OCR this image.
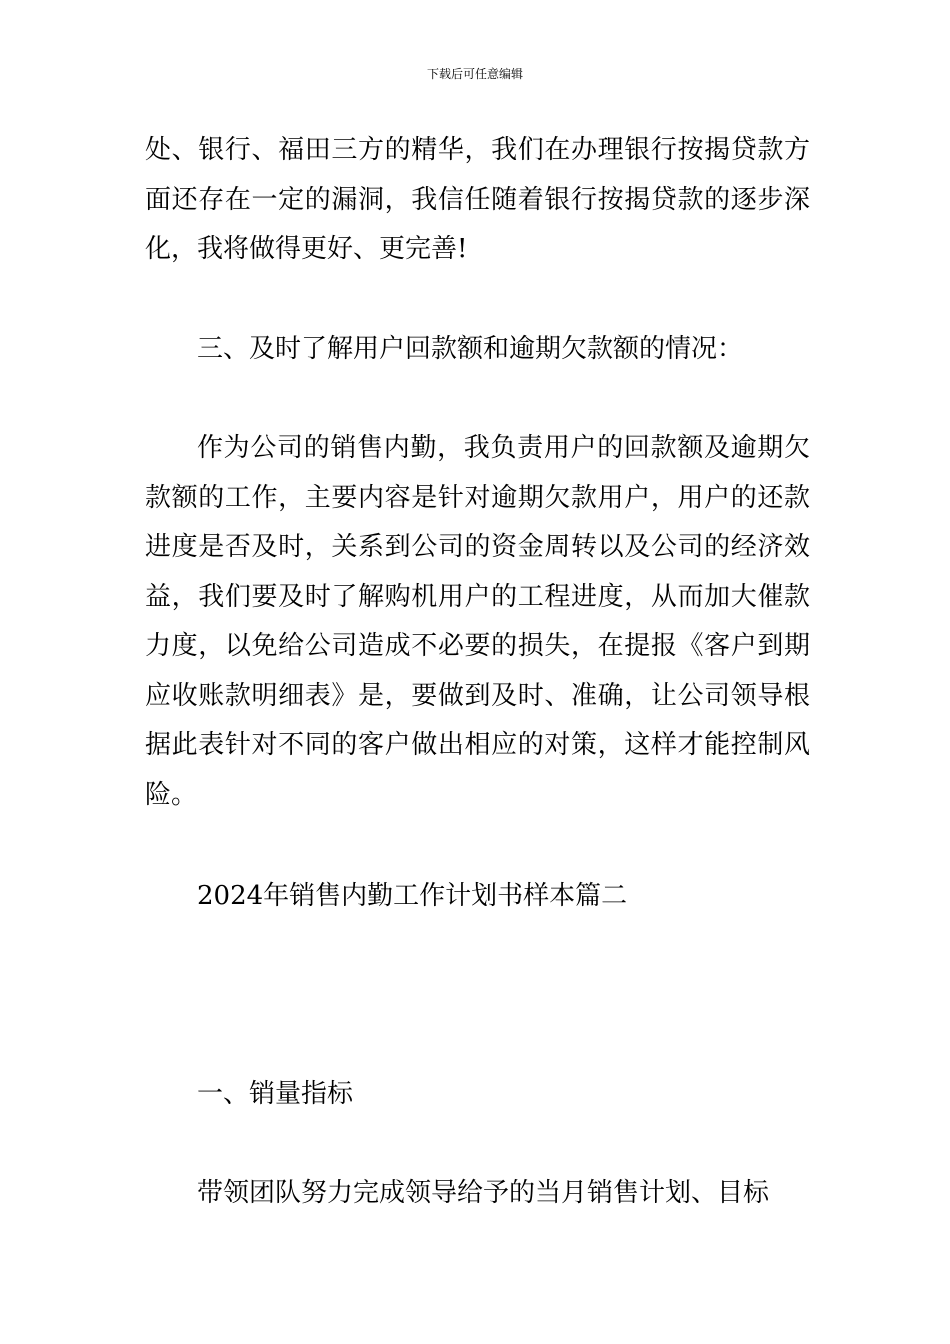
下载后可任意编辑
处、银行、福田三方的精华，我们在办理银行按揭贷款方
面还存在一定的漏洞，我信任随着银行按揭贷款的逐步深
化，我将做得更好、更完善!
三、及时了解用户回款额和逾期欠款额的情况：
作为公司的销售内勤，我负责用户的回款额及逾期欠
款额的工作，主要内容是针对逾期欠款用户，用户的还款
进度是否及时，关系到公司的资金周转以及公司的经济效
益，我们要及时了解购机用户的工程进度，从而加大催款
力度，以免给公司造成不必要的损失，在提报《客户到期
应收账款明细表》是，要做到及时、准确，让公司领导根
据此表针对不同的客户做出相应的对策，这样才能控制风
险。
2024年销售内勤工作计划书样本篇二
一、销量指标
带领团队努力完成领导给予的当月销售计划、目标
